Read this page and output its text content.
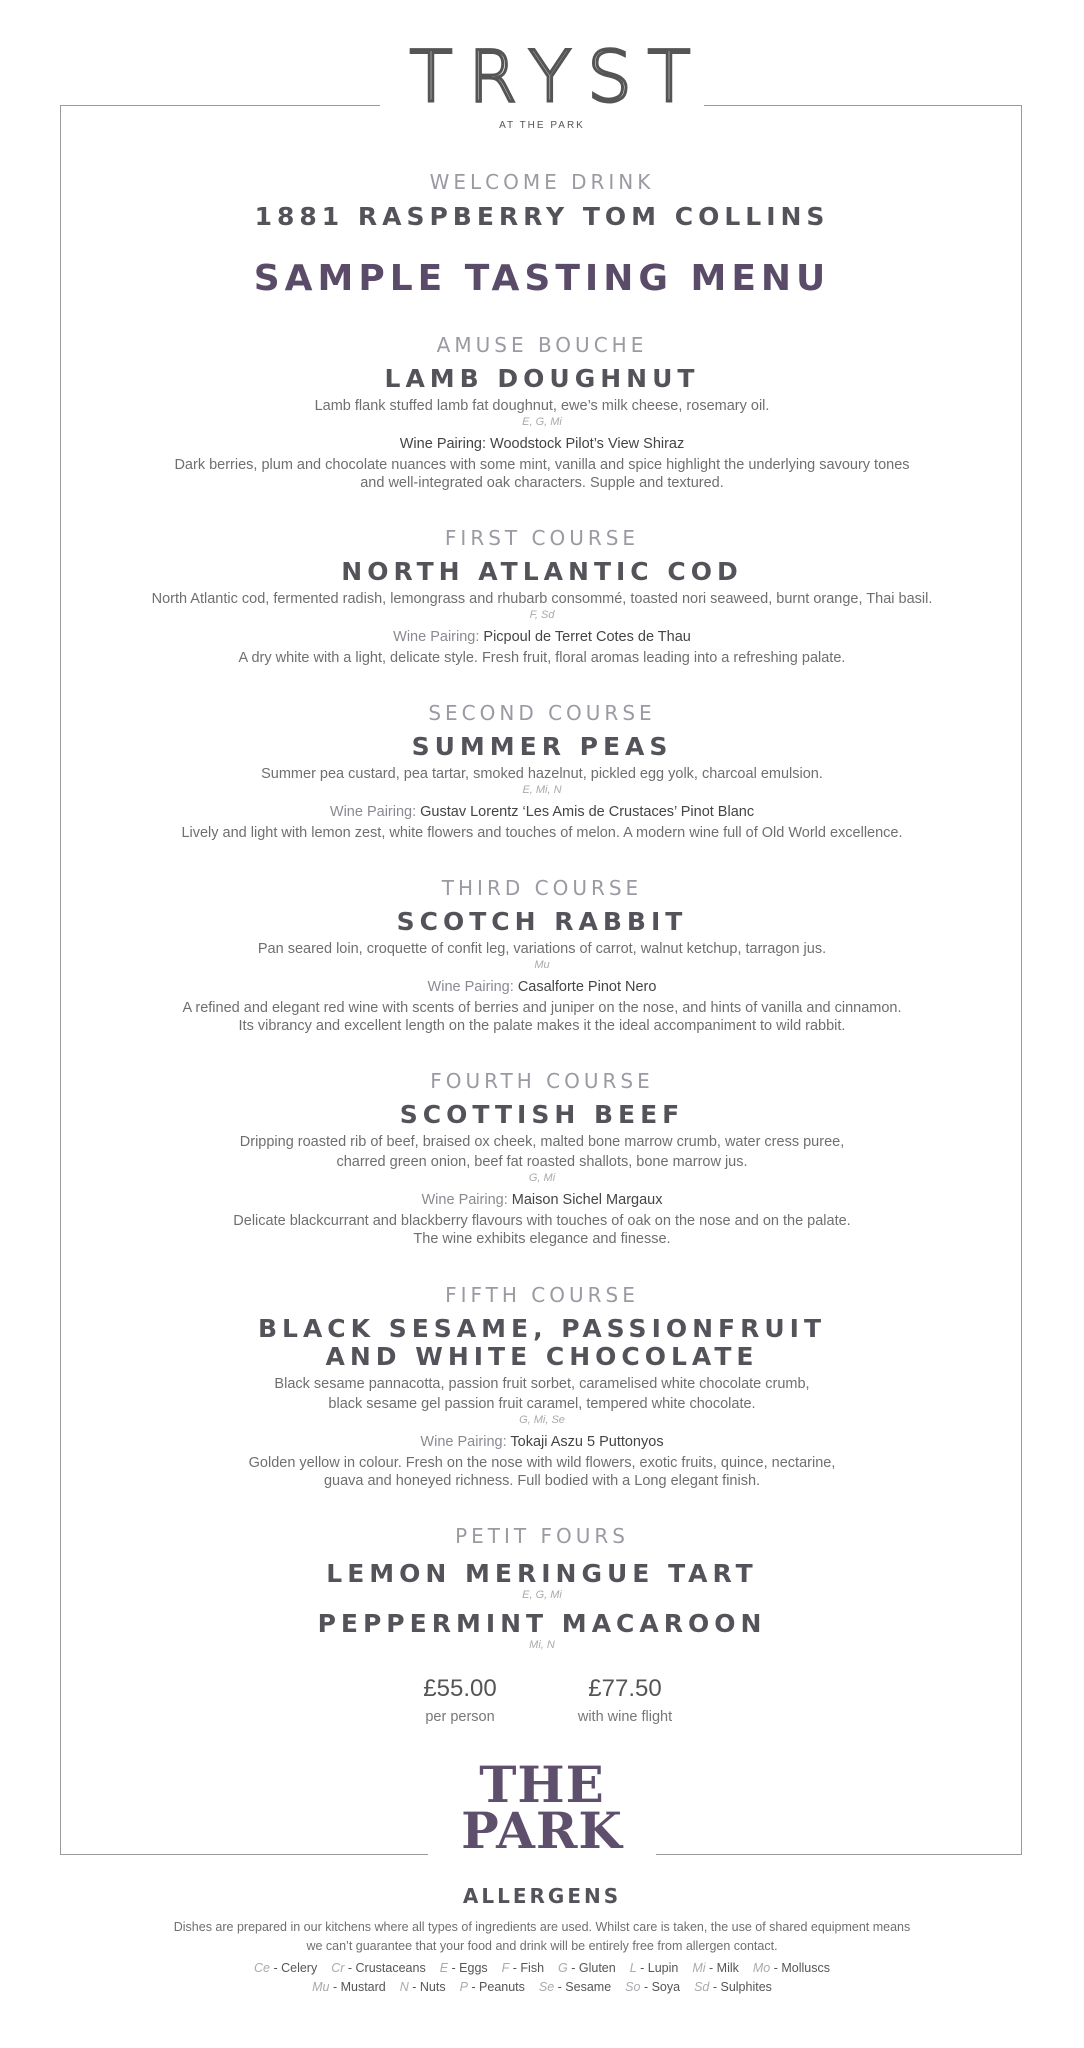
TRYST
AT THE PARK
WELCOME DRINK
1881 RASPBERRY TOM COLLINS
SAMPLE TASTING MENU
AMUSE BOUCHE
LAMB DOUGHNUT
Lamb flank stuffed lamb fat doughnut, ewe’s milk cheese, rosemary oil.
E, G, Mi
Wine Pairing: Woodstock Pilot’s View Shiraz
Dark berries, plum and chocolate nuances with some mint, vanilla and spice highlight the underlying savoury tones
and well-integrated oak characters. Supple and textured.
FIRST COURSE
NORTH ATLANTIC COD
North Atlantic cod, fermented radish, lemongrass and rhubarb consommé, toasted nori seaweed, burnt orange, Thai basil.
F, Sd
Wine Pairing: Picpoul de Terret Cotes de Thau
A dry white with a light, delicate style. Fresh fruit, floral aromas leading into a refreshing palate.
SECOND COURSE
SUMMER PEAS
Summer pea custard, pea tartar, smoked hazelnut, pickled egg yolk, charcoal emulsion.
E, Mi, N
Wine Pairing: Gustav Lorentz ‘Les Amis de Crustaces’ Pinot Blanc
Lively and light with lemon zest, white flowers and touches of melon. A modern wine full of Old World excellence.
THIRD COURSE
SCOTCH RABBIT
Pan seared loin, croquette of confit leg, variations of carrot, walnut ketchup, tarragon jus.
Mu
Wine Pairing: Casalforte Pinot Nero
A refined and elegant red wine with scents of berries and juniper on the nose, and hints of vanilla and cinnamon.
Its vibrancy and excellent length on the palate makes it the ideal accompaniment to wild rabbit.
FOURTH COURSE
SCOTTISH BEEF
Dripping roasted rib of beef, braised ox cheek, malted bone marrow crumb, water cress puree,
charred green onion, beef fat roasted shallots, bone marrow jus.
G, Mi
Wine Pairing: Maison Sichel Margaux
Delicate blackcurrant and blackberry flavours with touches of oak on the nose and on the palate.
The wine exhibits elegance and finesse.
FIFTH COURSE
BLACK SESAME, PASSIONFRUIT
AND WHITE CHOCOLATE
Black sesame pannacotta, passion fruit sorbet, caramelised white chocolate crumb,
black sesame gel passion fruit caramel, tempered white chocolate.
G, Mi, Se
Wine Pairing: Tokaji Aszu 5 Puttonyos
Golden yellow in colour. Fresh on the nose with wild flowers, exotic fruits, quince, nectarine,
guava and honeyed richness. Full bodied with a Long elegant finish.
PETIT FOURS
LEMON MERINGUE TART
E, G, Mi
PEPPERMINT MACAROON
Mi, N
£55.00
per person
£77.50
with wine flight
THE
PARK
ALLERGENS
Dishes are prepared in our kitchens where all types of ingredients are used. Whilst care is taken, the use of shared equipment means
we can’t guarantee that your food and drink will be entirely free from allergen contact.
Ce - Celery Cr - Crustaceans E - Eggs F - Fish G - Gluten L - Lupin Mi - Milk Mo - Molluscs
Mu - Mustard N - Nuts P - Peanuts Se - Sesame So - Soya Sd - Sulphites
